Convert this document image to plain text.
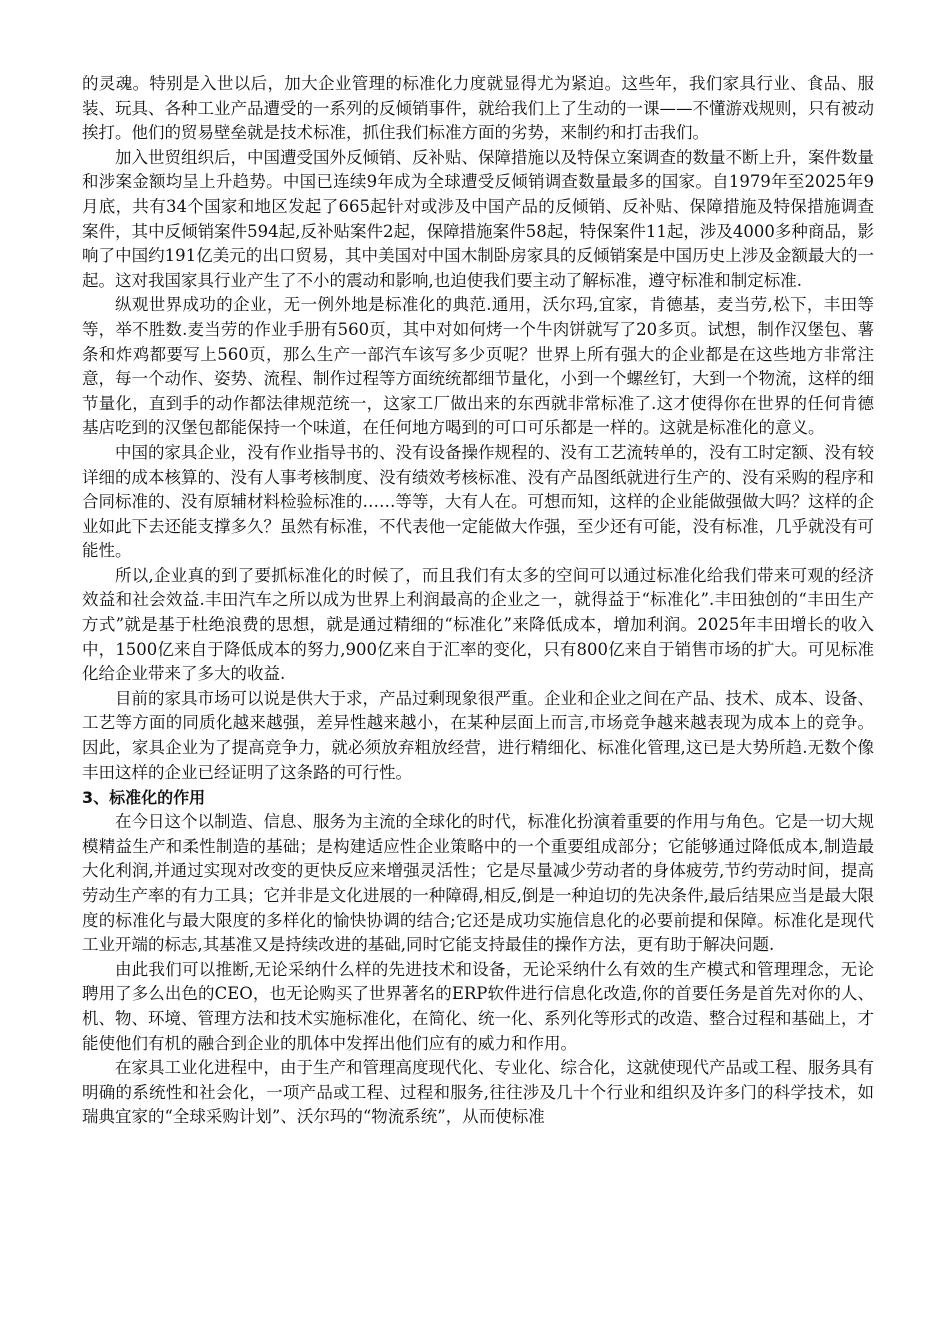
的灵魂。特别是入世以后，加大企业管理的标准化力度就显得尤为紧迫。这些年，我们家具行业、食品、服装、玩具、各种工业产品遭受的一系列的反倾销事件，就给我们上了生动的一课——不懂游戏规则，只有被动挨打。他们的贸易壁垒就是技术标准，抓住我们标准方面的劣势，来制约和打击我们。

加入世贸组织后，中国遭受国外反倾销、反补贴、保障措施以及特保立案调查的数量不断上升，案件数量和涉案金额均呈上升趋势。中国已连续9年成为全球遭受反倾销调查数量最多的国家。自1979年至2025年9月底，共有34个国家和地区发起了665起针对或涉及中国产品的反倾销、反补贴、保障措施及特保措施调查案件，其中反倾销案件594起,反补贴案件2起，保障措施案件58起，特保案件11起，涉及4000多种商品，影响了中国约191亿美元的出口贸易，其中美国对中国木制卧房家具的反倾销案是中国历史上涉及金额最大的一起。这对我国家具行业产生了不小的震动和影响,也迫使我们要主动了解标准，遵守标准和制定标准.

纵观世界成功的企业，无一例外地是标准化的典范.通用，沃尔玛,宜家，肯德基，麦当劳,松下，丰田等等，举不胜数.麦当劳的作业手册有560页，其中对如何烤一个牛肉饼就写了20多页。试想，制作汉堡包、薯条和炸鸡都要写上560页，那么生产一部汽车该写多少页呢？世界上所有强大的企业都是在这些地方非常注意，每一个动作、姿势、流程、制作过程等方面统统都细节量化，小到一个螺丝钉，大到一个物流，这样的细节量化，直到手的动作都法律规范统一，这家工厂做出来的东西就非常标准了.这才使得你在世界的任何肯德基店吃到的汉堡包都能保持一个味道，在任何地方喝到的可口可乐都是一样的。这就是标准化的意义。

中国的家具企业，没有作业指导书的、没有设备操作规程的、没有工艺流转单的，没有工时定额、没有较详细的成本核算的、没有人事考核制度、没有绩效考核标准、没有产品图纸就进行生产的、没有采购的程序和合同标准的、没有原辅材料检验标准的……等等，大有人在。可想而知，这样的企业能做强做大吗？这样的企业如此下去还能支撑多久？虽然有标准，不代表他一定能做大作强，至少还有可能，没有标准，几乎就没有可能性。

所以,企业真的到了要抓标准化的时候了，而且我们有太多的空间可以通过标准化给我们带来可观的经济效益和社会效益.丰田汽车之所以成为世界上利润最高的企业之一，就得益于“标准化”.丰田独创的“丰田生产方式”就是基于杜绝浪费的思想，就是通过精细的“标准化”来降低成本，增加利润。2025年丰田增长的收入中，1500亿来自于降低成本的努力,900亿来自于汇率的变化，只有800亿来自于销售市场的扩大。可见标准化给企业带来了多大的收益.

目前的家具市场可以说是供大于求，产品过剩现象很严重。企业和企业之间在产品、技术、成本、设备、工艺等方面的同质化越来越强，差异性越来越小，在某种层面上而言,市场竞争越来越表现为成本上的竞争。因此，家具企业为了提高竞争力，就必须放弃粗放经营，进行精细化、标准化管理,这已是大势所趋.无数个像丰田这样的企业已经证明了这条路的可行性。

3、标准化的作用

在今日这个以制造、信息、服务为主流的全球化的时代，标准化扮演着重要的作用与角色。它是一切大规模精益生产和柔性制造的基础；是构建适应性企业策略中的一个重要组成部分；它能够通过降低成本,制造最大化利润,并通过实现对改变的更快反应来增强灵活性；它是尽量减少劳动者的身体疲劳,节约劳动时间，提高劳动生产率的有力工具；它并非是文化进展的一种障碍,相反,倒是一种迫切的先决条件,最后结果应当是最大限度的标准化与最大限度的多样化的愉快协调的结合;它还是成功实施信息化的必要前提和保障。标准化是现代工业开端的标志,其基准又是持续改进的基础,同时它能支持最佳的操作方法，更有助于解决问题.

由此我们可以推断,无论采纳什么样的先进技术和设备，无论采纳什么有效的生产模式和管理理念，无论聘用了多么出色的CEO，也无论购买了世界著名的ERP软件进行信息化改造,你的首要任务是首先对你的人、机、物、环境、管理方法和技术实施标准化，在简化、统一化、系列化等形式的改造、整合过程和基础上，才能使他们有机的融合到企业的肌体中发挥出他们应有的威力和作用。

在家具工业化进程中，由于生产和管理高度现代化、专业化、综合化，这就使现代产品或工程、服务具有明确的系统性和社会化，一项产品或工程、过程和服务,往往涉及几十个行业和组织及许多门的科学技术，如瑞典宜家的“全球采购计划”、沃尔玛的“物流系统”，从而使标准
